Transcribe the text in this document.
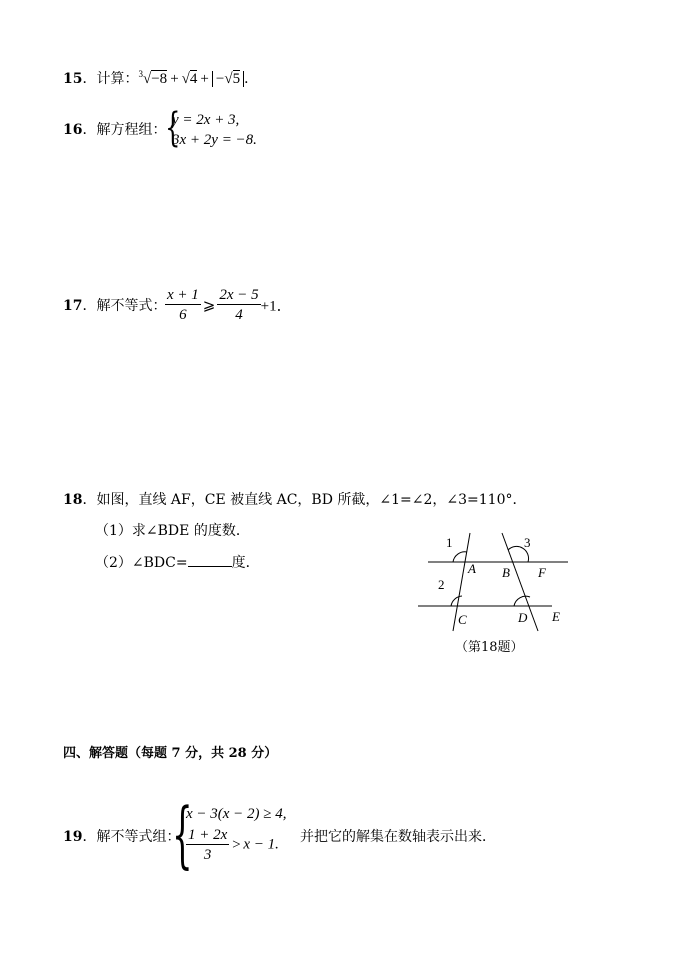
15．计算：$^3$√−8 + √4 + −√5 ．
16．解方程组：
{
y = 2x + 3,
3x + 2y = −8.
17．解不等式：
$\frac{x + 1}{6}$ ⩾ $\frac{2x - 5}{4} +1$．
18．如图，直线 AF，CE 被直线 AC，BD 所截，∠1=∠2，∠3=110°．
（1）求∠BDE 的度数．
（2）∠BDC=	度．
1
2
3
A B F
C	D E
（第18题）
四、解答题（每题 7 分，共 28 分）
19．解不等式组：
{
x − 3(x − 2) ≥ 4,
$\frac{1 + 2x}{3} > x - 1$. 并把它的解集在数轴表示出来．
